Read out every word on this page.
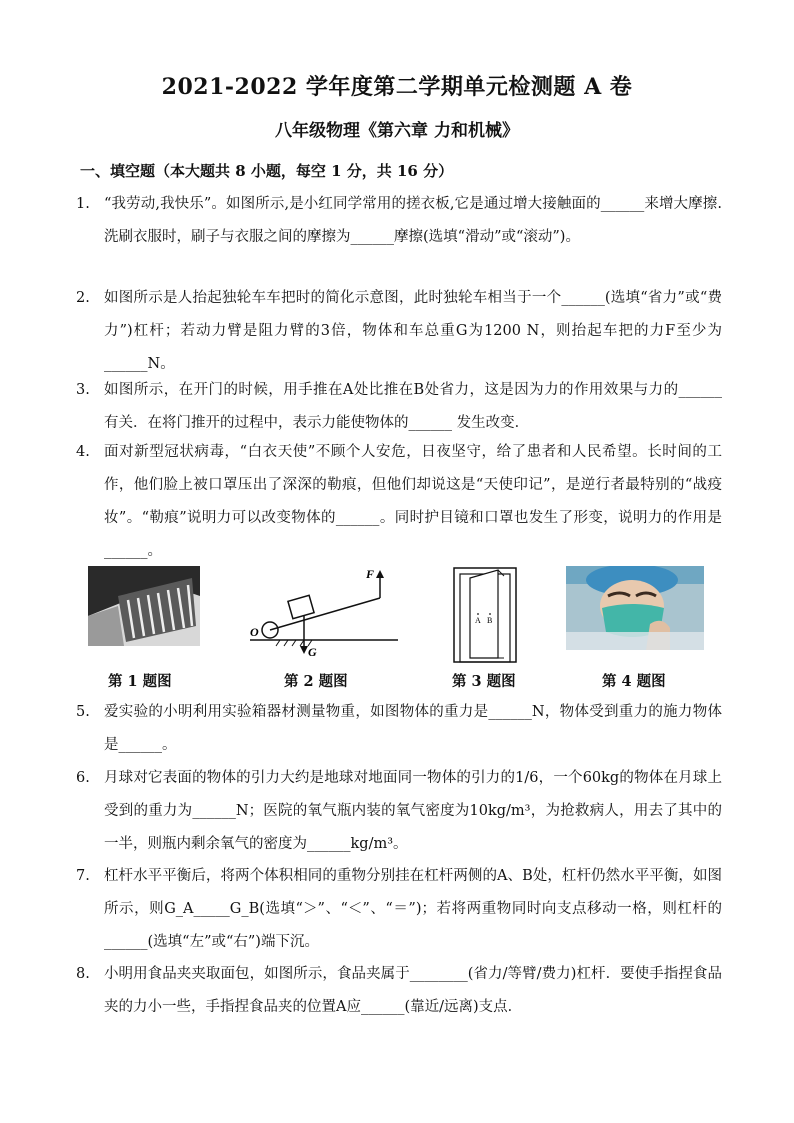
2021-2022 学年度第二学期单元检测题 A 卷
八年级物理《第六章 力和机械》
一、填空题（本大题共 8 小题，每空 1 分，共 16 分）
1. “我劳动,我快乐”。如图所示,是小红同学常用的搓衣板,它是通过增大接触面的______来增大摩擦.洗刷衣服时，刷子与衣服之间的摩擦为______摩擦(选填“滑动”或“滚动”)。
2. 如图所示是人抬起独轮车车把时的简化示意图，此时独轮车相当于一个______(选填“省力”或“费力”)杠杆；若动力臂是阻力臂的3倍，物体和车总重G为1200 N，则抬起车把的力F至少为______N。
3. 如图所示，在开门的时候，用手推在A处比推在B处省力，这是因为力的作用效果与力的______ 有关．在将门推开的过程中，表示力能使物体的______ 发生改变．
4. 面对新型冠状病毒，“白衣天使”不顾个人安危，日夜坚守，给了患者和人民希望。长时间的工作，他们脸上被口罩压出了深深的勒痕，但他们却说这是“天使印记”，是逆行者最特别的“战疫妆”。“勒痕”说明力可以改变物体的______。同时护目镜和口罩也发生了形变，说明力的作用是______。
F
O
G
A B
第 1 题图	第 2 题图	第 3 题图	第 4 题图
5. 爱实验的小明利用实验箱器材测量物重，如图物体的重力是______N，物体受到重力的施力物体是______。
6. 月球对它表面的物体的引力大约是地球对地面同一物体的引力的1/6，一个60kg的物体在月球上受到的重力为______N；医院的氧气瓶内装的氧气密度为10kg/m³，为抢救病人，用去了其中的一半，则瓶内剩余氧气的密度为______kg/m³。
7. 杠杆水平平衡后，将两个体积相同的重物分别挂在杠杆两侧的A、B处，杠杆仍然水平平衡，如图所示，则G_A_____G_B(选填“＞”、“＜”、“＝”)；若将两重物同时向支点移动一格，则杠杆的______(选填“左”或“右”)端下沉。
8. 小明用食品夹夹取面包，如图所示，食品夹属于________(省力/等臂/费力)杠杆．要使手指捏食品夹的力小一些，手指捏食品夹的位置A应______(靠近/远离)支点．
